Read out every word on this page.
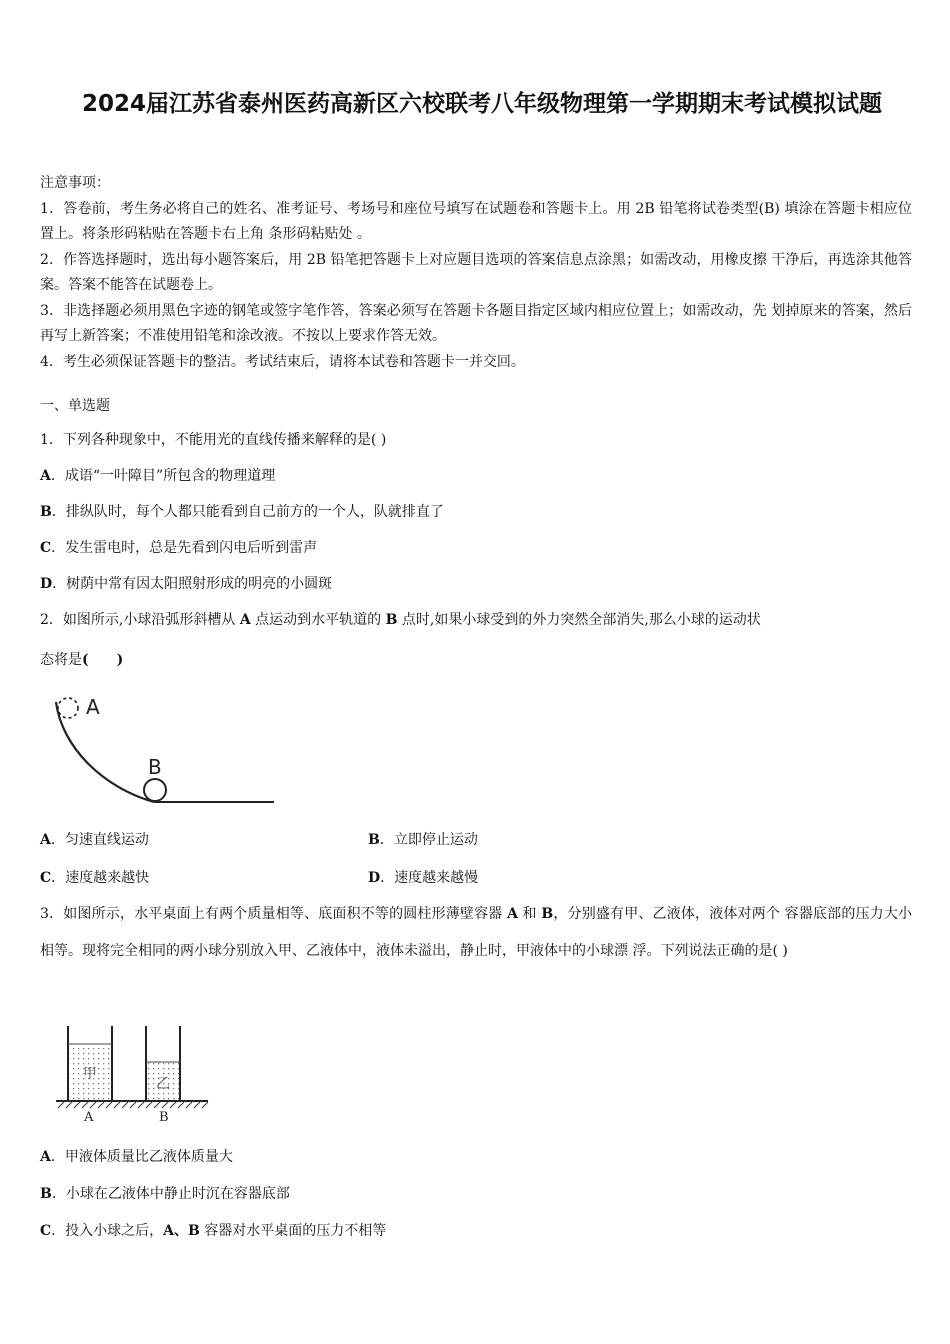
2024届江苏省泰州医药高新区六校联考八年级物理第一学期期末考试模拟试题

注意事项：

1．答卷前，考生务必将自己的姓名、准考证号、考场号和座位号填写在试题卷和答题卡上。用 2B 铅笔将试卷类型(B) 填涂在答题卡相应位置上。将条形码粘贴在答题卡右上角 条形码粘贴处 。

2．作答选择题时，选出每小题答案后，用 2B 铅笔把答题卡上对应题目选项的答案信息点涂黑；如需改动，用橡皮擦 干净后，再选涂其他答案。答案不能答在试题卷上。

3．非选择题必须用黑色字迹的钢笔或签字笔作答，答案必须写在答题卡各题目指定区域内相应位置上；如需改动，先 划掉原来的答案，然后再写上新答案；不准使用铅笔和涂改液。不按以上要求作答无效。

4．考生必须保证答题卡的整洁。考试结束后，请将本试卷和答题卡一并交回。

一、单选题
1．下列各种现象中，不能用光的直线传播来解释的是( )
A．成语“一叶障目”所包含的物理道理
B．排纵队时，每个人都只能看到自己前方的一个人，队就排直了
C．发生雷电时，总是先看到闪电后听到雷声
D．树荫中常有因太阳照射形成的明亮的小圆斑
2．如图所示,小球沿弧形斜槽从 A 点运动到水平轨道的 B 点时,如果小球受到的外力突然全部消失,那么小球的运动状
态将是(　　)
A
B
A．匀速直线运动	B．立即停止运动
C．速度越来越快	D．速度越来越慢
3．如图所示，水平桌面上有两个质量相等、底面积不等的圆柱形薄壁容器 A 和 B，分别盛有甲、乙液体，液体对两个 容器底部的压力大小相等。现将完全相同的两小球分别放入甲、乙液体中，液体未溢出，静止时，甲液体中的小球漂 浮。下列说法正确的是( )
甲
乙
A	B
A．甲液体质量比乙液体质量大
B．小球在乙液体中静止时沉在容器底部
C．投入小球之后，A、B 容器对水平桌面的压力不相等
